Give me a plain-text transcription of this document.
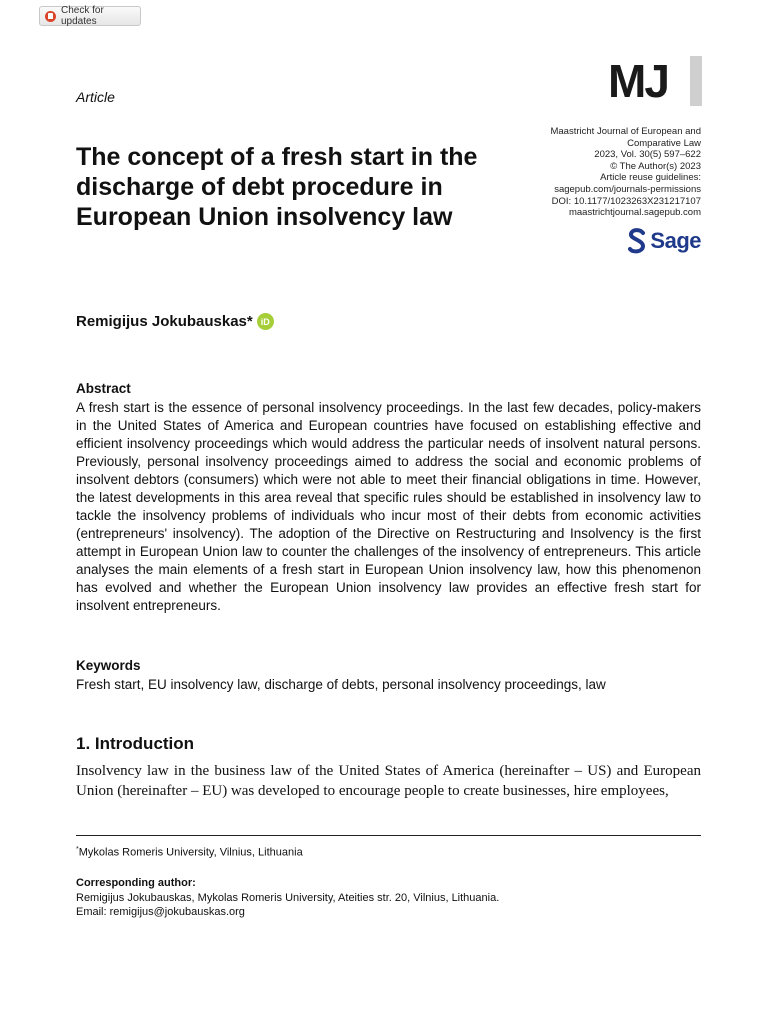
Check for updates
Article	MJ
Maastricht Journal of European and
Comparative Law
2023, Vol. 30(5) 597–622
© The Author(s) 2023
Article reuse guidelines:
sagepub.com/journals-permissions
DOI: 10.1177/1023263X231217107
maastrichtjournal.sagepub.com
Sage
The concept of a fresh start in the discharge of debt procedure in European Union insolvency law
Remigijus Jokubauskas* iD
Abstract

A fresh start is the essence of personal insolvency proceedings. In the last few decades, policy-makers in the United States of America and European countries have focused on establishing effective and efficient insolvency proceedings which would address the particular needs of insolvent natural persons. Previously, personal insolvency proceedings aimed to address the social and economic problems of insolvent debtors (consumers) which were not able to meet their financial obligations in time. However, the latest developments in this area reveal that specific rules should be established in insolvency law to tackle the insolvency problems of individuals who incur most of their debts from economic activities (entrepreneurs' insolvency). The adoption of the Directive on Restructuring and Insolvency is the first attempt in European Union law to counter the challenges of the insolvency of entrepreneurs. This article analyses the main elements of a fresh start in European Union insolvency law, how this phenomenon has evolved and whether the European Union insolvency law provides an effective fresh start for insolvent entrepreneurs.

Keywords
Fresh start, EU insolvency law, discharge of debts, personal insolvency proceedings, law
1. Introduction

Insolvency law in the business law of the United States of America (hereinafter – US) and European Union (hereinafter – EU) was developed to encourage people to create businesses, hire employees,

*Mykolas Romeris University, Vilnius, Lithuania
Corresponding author:
Remigijus Jokubauskas, Mykolas Romeris University, Ateities str. 20, Vilnius, Lithuania.
Email: remigijus@jokubauskas.org
